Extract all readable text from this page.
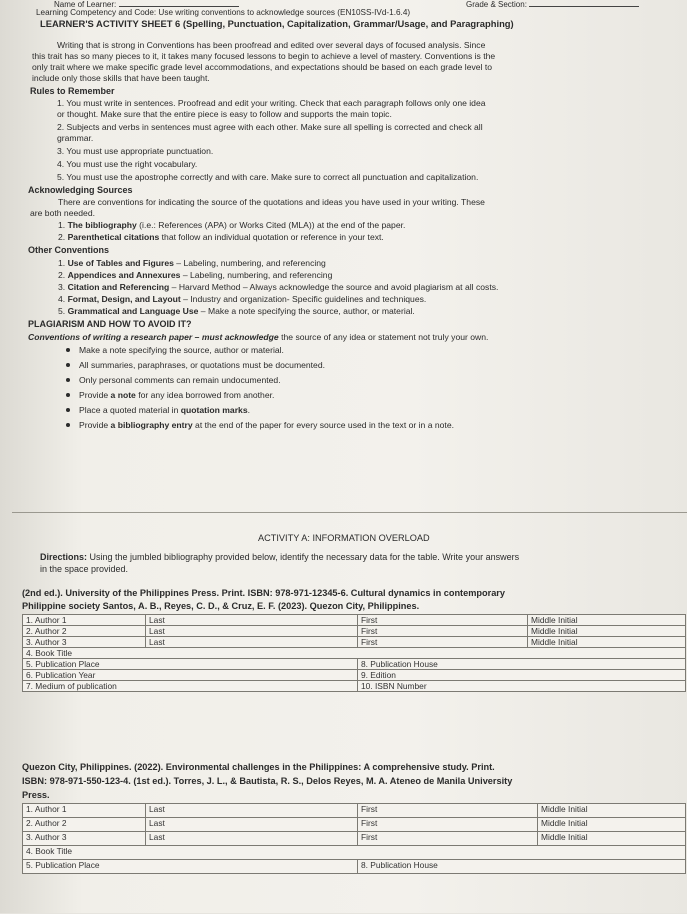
Name of Learner:	Grade & Section:
Learning Competency and Code: Use writing conventions to acknowledge sources (EN10SS-IVd-1.6.4)
LEARNER'S ACTIVITY SHEET 6 (Spelling, Punctuation, Capitalization, Grammar/Usage, and Paragraphing)
Writing that is strong in Conventions has been proofread and edited over several days of focused analysis. Since
this trait has so many pieces to it, it takes many focused lessons to begin to achieve a level of mastery. Conventions is the
only trait where we make specific grade level accommodations, and expectations should be based on each grade level to
include only those skills that have been taught.
Rules to Remember
1. You must write in sentences. Proofread and edit your writing. Check that each paragraph follows only one idea
or thought. Make sure that the entire piece is easy to follow and supports the main topic.
2. Subjects and verbs in sentences must agree with each other. Make sure all spelling is corrected and check all
grammar.
3. You must use appropriate punctuation.
4. You must use the right vocabulary.
5. You must use the apostrophe correctly and with care. Make sure to correct all punctuation and capitalization.
Acknowledging Sources
There are conventions for indicating the source of the quotations and ideas you have used in your writing. These
are both needed.
1. The bibliography (i.e.: References (APA) or Works Cited (MLA)) at the end of the paper.
2. Parenthetical citations that follow an individual quotation or reference in your text.
Other Conventions
1. Use of Tables and Figures – Labeling, numbering, and referencing
2. Appendices and Annexures – Labeling, numbering, and referencing
3. Citation and Referencing – Harvard Method – Always acknowledge the source and avoid plagiarism at all costs.
4. Format, Design, and Layout – Industry and organization- Specific guidelines and techniques.
5. Grammatical and Language Use – Make a note specifying the source, author, or material.
PLAGIARISM AND HOW TO AVOID IT?
Conventions of writing a research paper – must acknowledge the source of any idea or statement not truly your own.
Make a note specifying the source, author or material.
All summaries, paraphrases, or quotations must be documented.
Only personal comments can remain undocumented.
Provide a note for any idea borrowed from another.
Place a quoted material in quotation marks.
Provide a bibliography entry at the end of the paper for every source used in the text or in a note.
ACTIVITY A: INFORMATION OVERLOAD
Directions: Using the jumbled bibliography provided below, identify the necessary data for the table. Write your answers
in the space provided.
(2nd ed.). University of the Philippines Press. Print. ISBN: 978-971-12345-6. Cultural dynamics in contemporary
Philippine society Santos, A. B., Reyes, C. D., & Cruz, E. F. (2023). Quezon City, Philippines.
1. Author 1	Last	First	Middle Initial
2. Author 2	Last	First	Middle Initial
3. Author 3	Last	First	Middle Initial
4. Book Title			
5. Publication Place		8. Publication House	
6. Publication Year		9. Edition	
7. Medium of publication		10. ISBN Number	
Quezon City, Philippines. (2022). Environmental challenges in the Philippines: A comprehensive study. Print.
ISBN: 978-971-550-123-4. (1st ed.). Torres, J. L., & Bautista, R. S., Delos Reyes, M. A. Ateneo de Manila University
Press.
1. Author 1	Last	First	Middle Initial
2. Author 2	Last	First	Middle Initial
3. Author 3	Last	First	Middle Initial
4. Book Title			
5. Publication Place		8. Publication House	
